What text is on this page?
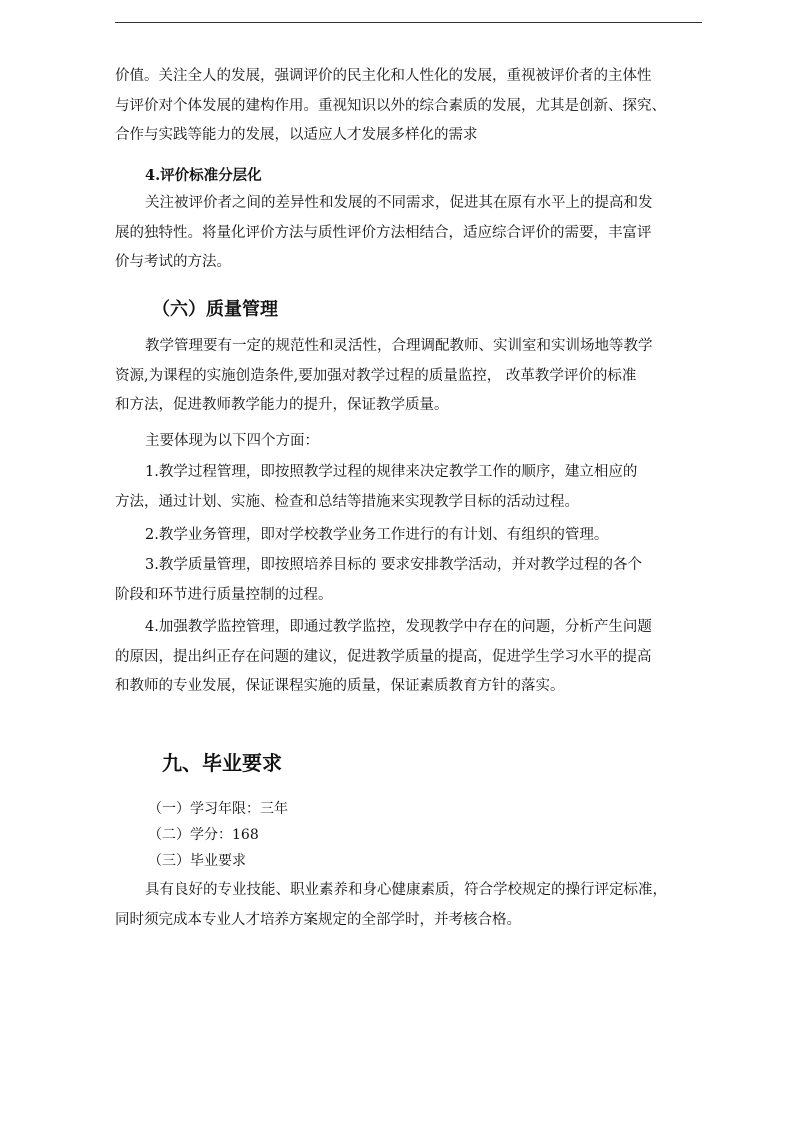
价值。关注全人的发展，强调评价的民主化和人性化的发展，重视被评价者的主体性
与评价对个体发展的建构作用。重视知识以外的综合素质的发展，尤其是创新、探究、
合作与实践等能力的发展，以适应人才发展多样化的需求

4.评价标准分层化

关注被评价者之间的差异性和发展的不同需求，促进其在原有水平上的提高和发
展的独特性。将量化评价方法与质性评价方法相结合，适应综合评价的需要，丰富评
价与考试的方法。

（六）质量管理

教学管理要有一定的规范性和灵活性，合理调配教师、实训室和实训场地等教学
资源,为课程的实施创造条件,要加强对教学过程的质量监控， 改革教学评价的标准
和方法，促进教师教学能力的提升，保证教学质量。
主要体现为以下四个方面：
1.教学过程管理，即按照教学过程的规律来决定教学工作的顺序，建立相应的
方法，通过计划、实施、检查和总结等措施来实现教学目标的活动过程。
2.教学业务管理，即对学校教学业务工作进行的有计划、有组织的管理。
3.教学质量管理，即按照培养目标的 要求安排教学活动，并对教学过程的各个
阶段和环节进行质量控制的过程。
4.加强教学监控管理，即通过教学监控，发现教学中存在的问题，分析产生问题
的原因，提出纠正存在问题的建议，促进教学质量的提高，促进学生学习水平的提高
和教师的专业发展，保证课程实施的质量，保证素质教育方针的落实。

九、毕业要求

（一）学习年限：三年
（二）学分：168
（三）毕业要求
具有良好的专业技能、职业素养和身心健康素质，符合学校规定的操行评定标准，
同时须完成本专业人才培养方案规定的全部学时，并考核合格。
